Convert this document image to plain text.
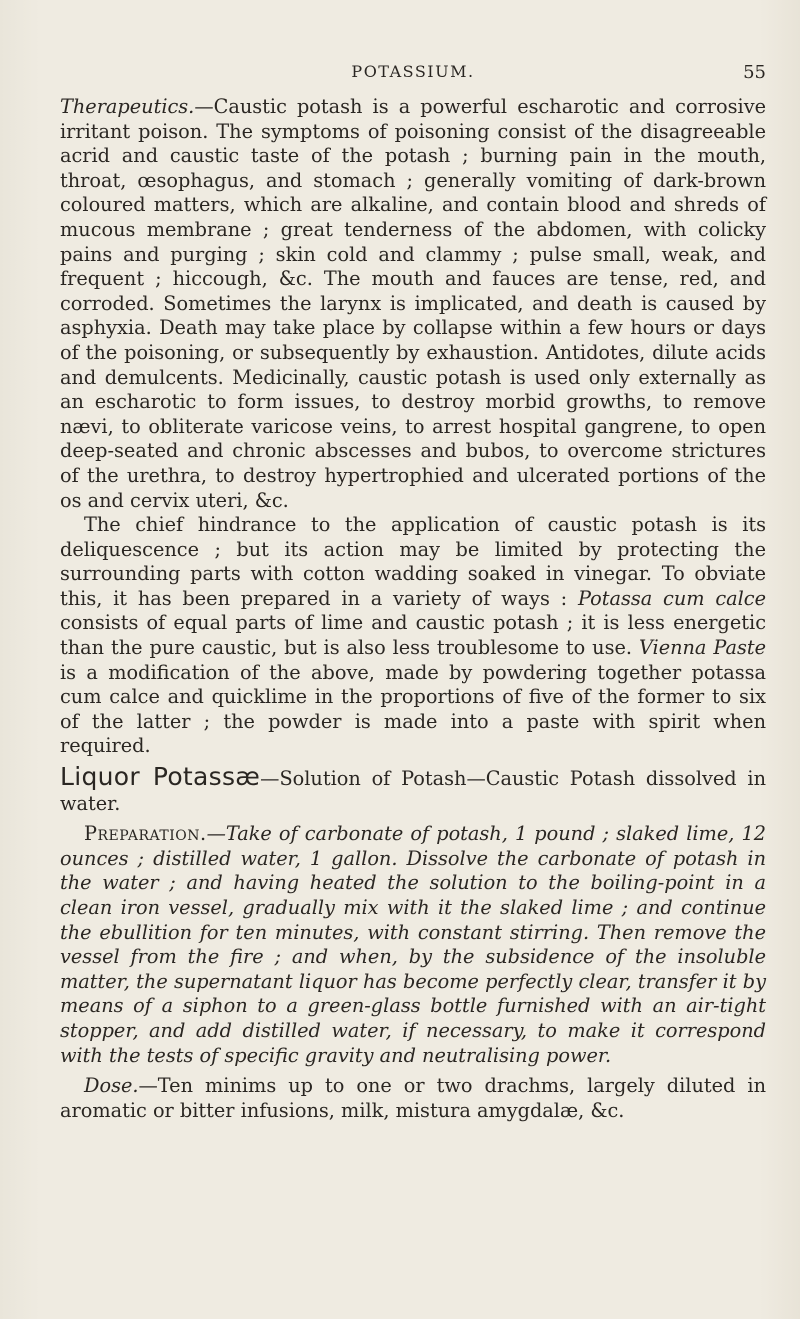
POTASSIUM.	55

Therapeutics.—Caustic potash is a powerful escharotic and corrosive irritant poison. The symptoms of poisoning consist of the disagreeable acrid and caustic taste of the potash ; burning pain in the mouth, throat, œsophagus, and stomach ; generally vomiting of dark-brown coloured matters, which are alkaline, and contain blood and shreds of mucous membrane ; great tenderness of the abdomen, with colicky pains and purging ; skin cold and clammy ; pulse small, weak, and frequent ; hiccough, &c. The mouth and fauces are tense, red, and corroded. Sometimes the larynx is implicated, and death is caused by asphyxia. Death may take place by collapse within a few hours or days of the poisoning, or subsequently by exhaustion. Antidotes, dilute acids and demulcents. Medicinally, caustic potash is used only externally as an escharotic to form issues, to destroy morbid growths, to remove nævi, to obliterate varicose veins, to arrest hospital gangrene, to open deep-seated and chronic abscesses and bubos, to overcome strictures of the urethra, to destroy hypertrophied and ulcerated portions of the os and cervix uteri, &c.

The chief hindrance to the application of caustic potash is its deliquescence ; but its action may be limited by protecting the surrounding parts with cotton wadding soaked in vinegar. To obviate this, it has been prepared in a variety of ways : Potassa cum calce consists of equal parts of lime and caustic potash ; it is less energetic than the pure caustic, but is also less troublesome to use. Vienna Paste is a modification of the above, made by powdering together potassa cum calce and quicklime in the proportions of five of the former to six of the latter ; the powder is made into a paste with spirit when required.

Liquor Potassæ—Solution of Potash—Caustic Potash dissolved in water.

Preparation.—Take of carbonate of potash, 1 pound ; slaked lime, 12 ounces ; distilled water, 1 gallon. Dissolve the carbonate of potash in the water ; and having heated the solution to the boiling-point in a clean iron vessel, gradually mix with it the slaked lime ; and continue the ebullition for ten minutes, with constant stirring. Then remove the vessel from the fire ; and when, by the subsidence of the insoluble matter, the supernatant liquor has become perfectly clear, transfer it by means of a siphon to a green-glass bottle furnished with an air-tight stopper, and add distilled water, if necessary, to make it correspond with the tests of specific gravity and neutralising power.

Dose.—Ten minims up to one or two drachms, largely diluted in aromatic or bitter infusions, milk, mistura amygdalæ, &c.
